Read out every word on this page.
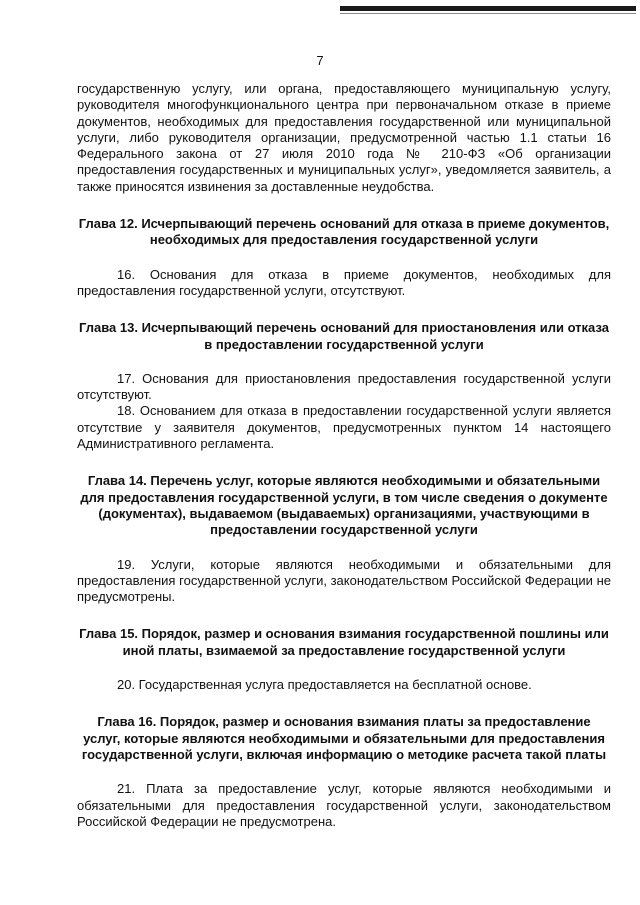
7

государственную услугу, или органа, предоставляющего муниципальную услугу, руководителя многофункционального центра при первоначальном отказе в приеме документов, необходимых для предоставления государственной или муниципальной услуги, либо руководителя организации, предусмотренной частью 1.1 статьи 16 Федерального закона от 27 июля 2010 года № 210-ФЗ «Об организации предоставления государственных и муниципальных услуг», уведомляется заявитель, а также приносятся извинения за доставленные неудобства.

Глава 12. Исчерпывающий перечень оснований для отказа в приеме документов, необходимых для предоставления государственной услуги

16. Основания для отказа в приеме документов, необходимых для предоставления государственной услуги, отсутствуют.

Глава 13. Исчерпывающий перечень оснований для приостановления или отказа в предоставлении государственной услуги

17. Основания для приостановления предоставления государственной услуги отсутствуют.

18. Основанием для отказа в предоставлении государственной услуги является отсутствие у заявителя документов, предусмотренных пунктом 14 настоящего Административного регламента.

Глава 14. Перечень услуг, которые являются необходимыми и обязательными для предоставления государственной услуги, в том числе сведения о документе (документах), выдаваемом (выдаваемых) организациями, участвующими в предоставлении государственной услуги

19. Услуги, которые являются необходимыми и обязательными для предоставления государственной услуги, законодательством Российской Федерации не предусмотрены.

Глава 15. Порядок, размер и основания взимания государственной пошлины или иной платы, взимаемой за предоставление государственной услуги

20. Государственная услуга предоставляется на бесплатной основе.

Глава 16. Порядок, размер и основания взимания платы за предоставление услуг, которые являются необходимыми и обязательными для предоставления государственной услуги, включая информацию о методике расчета такой платы

21. Плата за предоставление услуг, которые являются необходимыми и обязательными для предоставления государственной услуги, законодательством Российской Федерации не предусмотрена.
